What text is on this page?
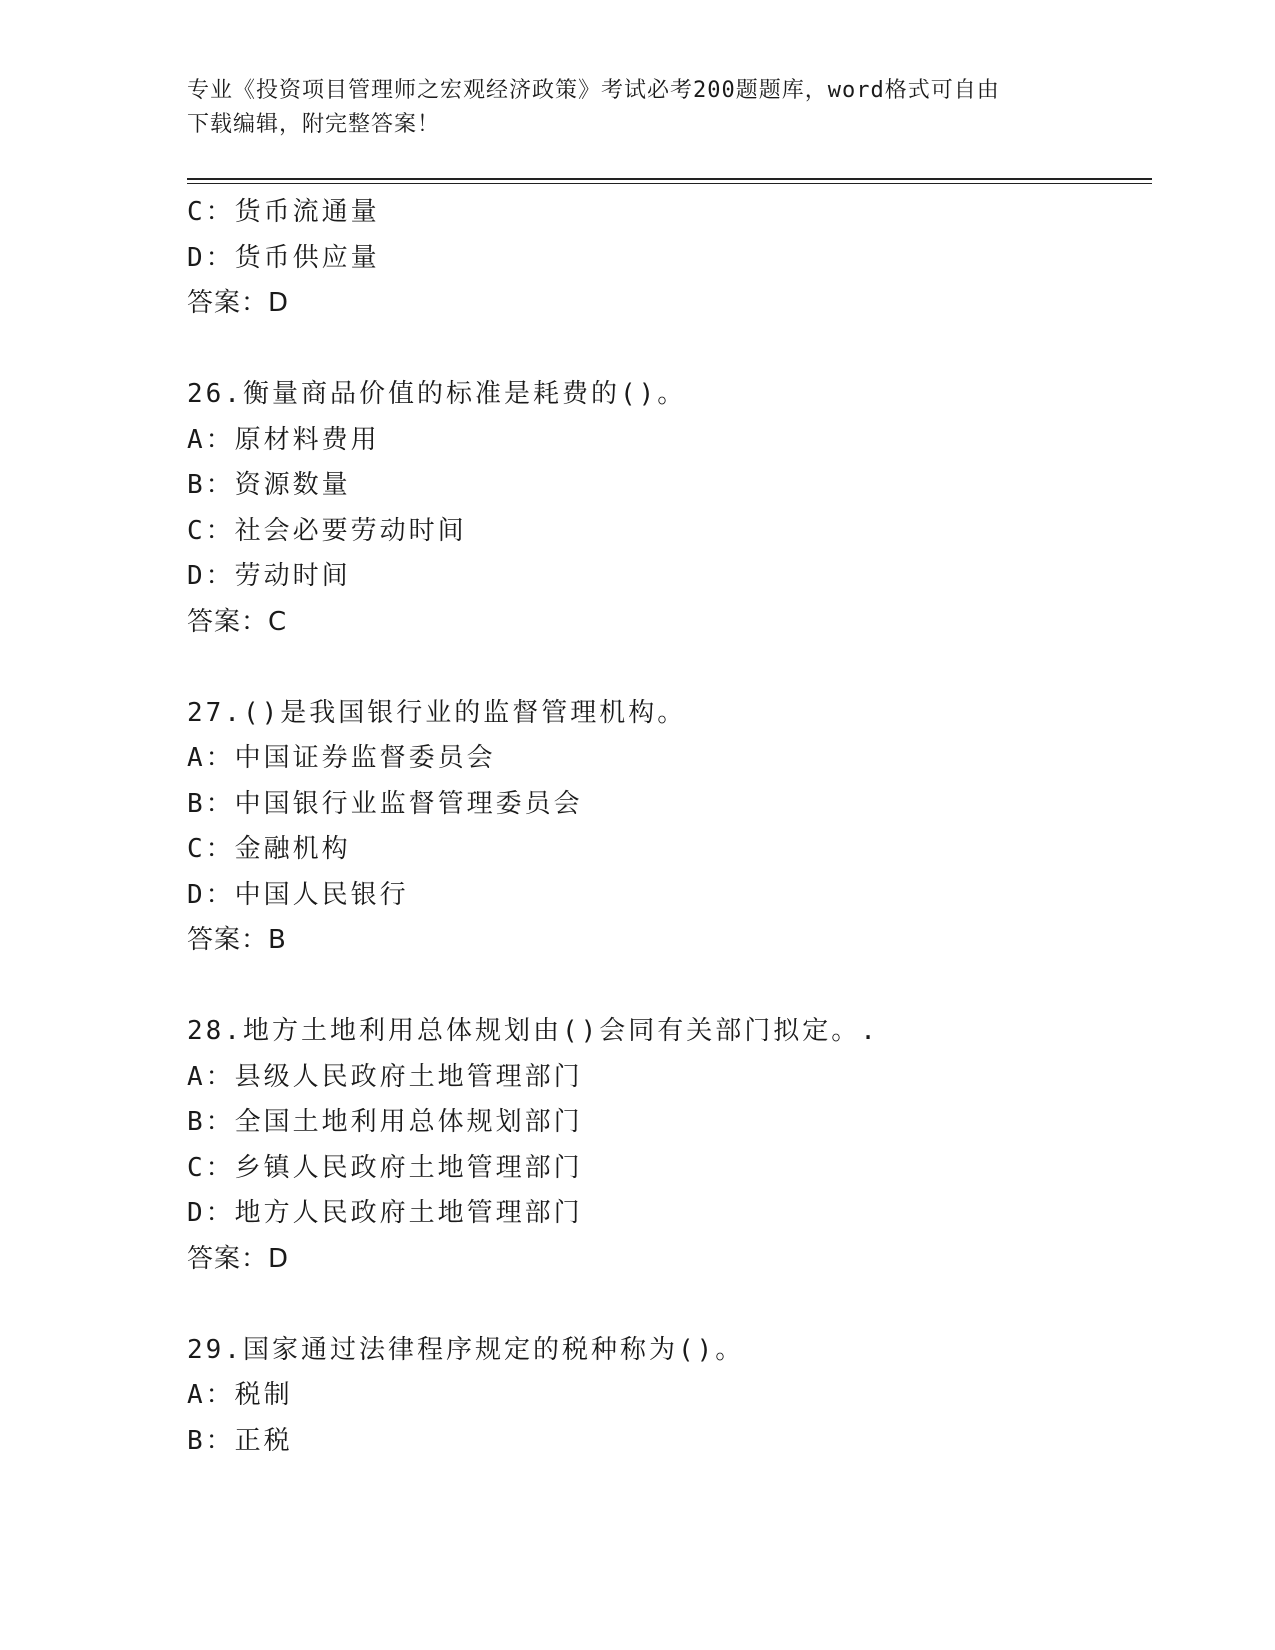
专业《投资项目管理师之宏观经济政策》考试必考200题题库，word格式可自由
下载编辑，附完整答案！
C：货币流通量
D：货币供应量
答案：D
26.衡量商品价值的标准是耗费的()。
A：原材料费用
B：资源数量
C：社会必要劳动时间
D：劳动时间
答案：C
27.()是我国银行业的监督管理机构。
A：中国证券监督委员会
B：中国银行业监督管理委员会
C：金融机构
D：中国人民银行
答案：B
28.地方土地利用总体规划由()会同有关部门拟定。.
A：县级人民政府土地管理部门
B：全国土地利用总体规划部门
C：乡镇人民政府土地管理部门
D：地方人民政府土地管理部门
答案：D
29.国家通过法律程序规定的税种称为()。
A：税制
B：正税
